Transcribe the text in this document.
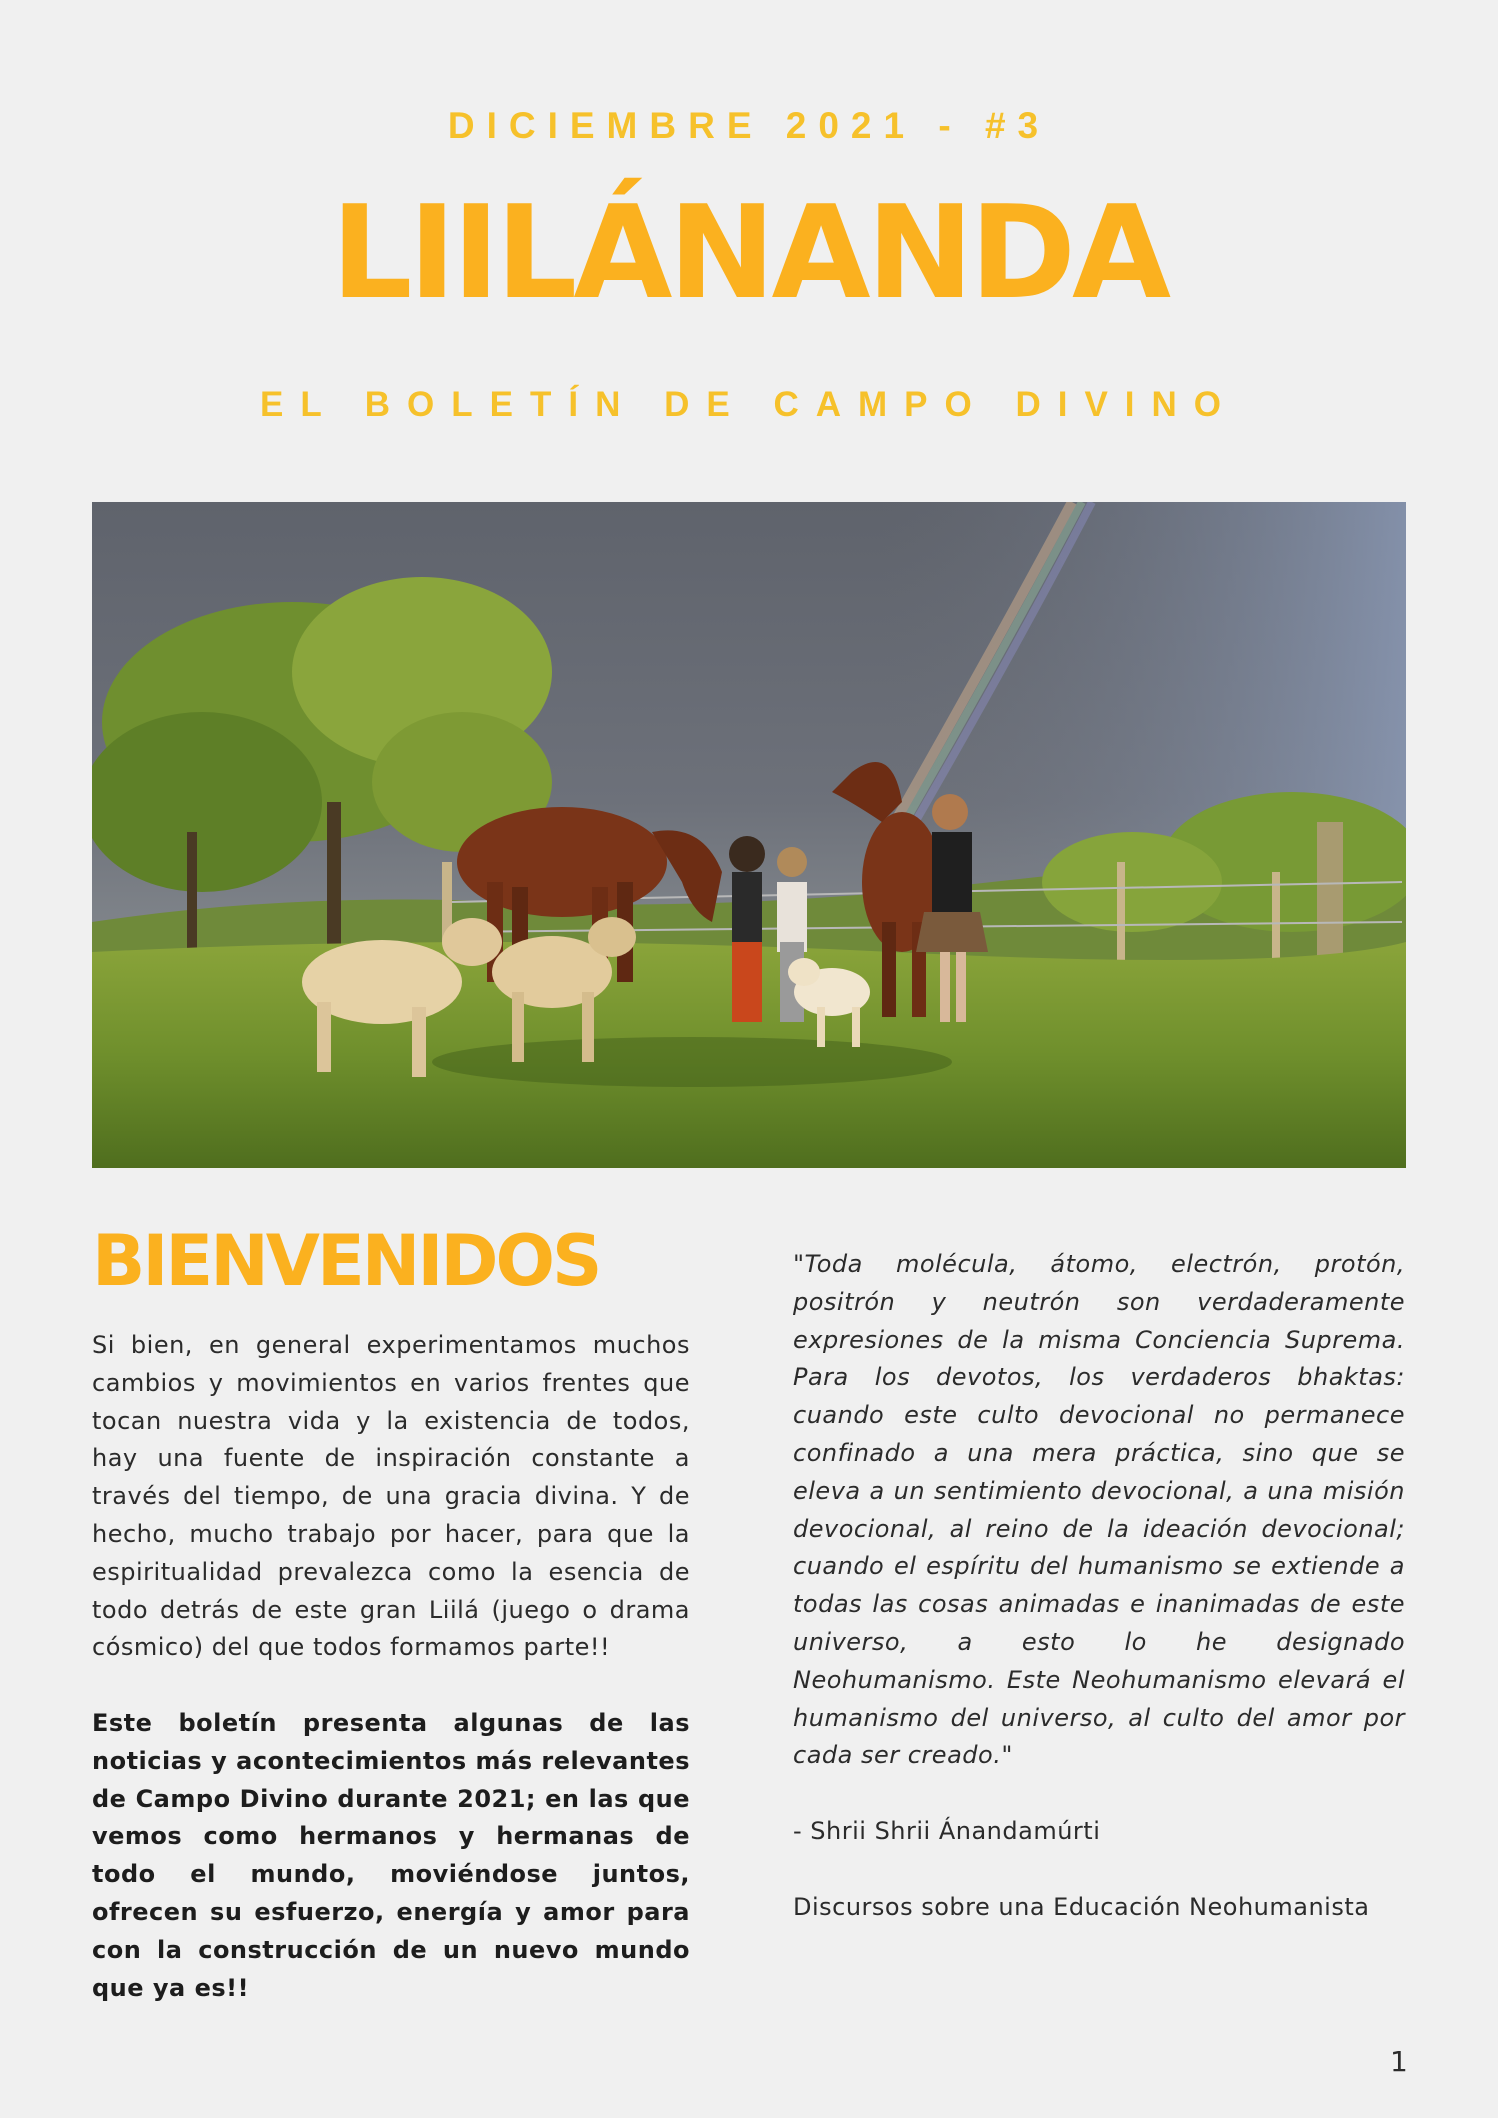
DICIEMBRE 2021 - #3
LIILÁNANDA
EL BOLETÍN DE CAMPO DIVINO
BIENVENIDOS

Si bien, en general experimentamos muchos cambios y movimientos en varios frentes que tocan nuestra vida y la existencia de todos, hay una fuente de inspiración constante a través del tiempo, de una gracia divina. Y de hecho, mucho trabajo por hacer, para que la espiritualidad prevalezca como la esencia de todo detrás de este gran Liilá (juego o drama cósmico) del que todos formamos parte!!

Este boletín presenta algunas de las noticias y acontecimientos más relevantes de Campo Divino durante 2021; en las que vemos como hermanos y hermanas de todo el mundo, moviéndose juntos, ofrecen su esfuerzo, energía y amor para con la construcción de un nuevo mundo que ya es!!

"Toda molécula, átomo, electrón, protón, positrón y neutrón son verdaderamente expresiones de la misma Conciencia Suprema. Para los devotos, los verdaderos bhaktas: cuando este culto devocional no permanece confinado a una mera práctica, sino que se eleva a un sentimiento devocional, a una misión devocional, al reino de la ideación devocional; cuando el espíritu del humanismo se extiende a todas las cosas animadas e inanimadas de este universo, a esto lo he designado Neohumanismo. Este Neohumanismo elevará el humanismo del universo, al culto del amor por cada ser creado."

- Shrii Shrii Ánandamúrti

Discursos sobre una Educación Neohumanista

1
